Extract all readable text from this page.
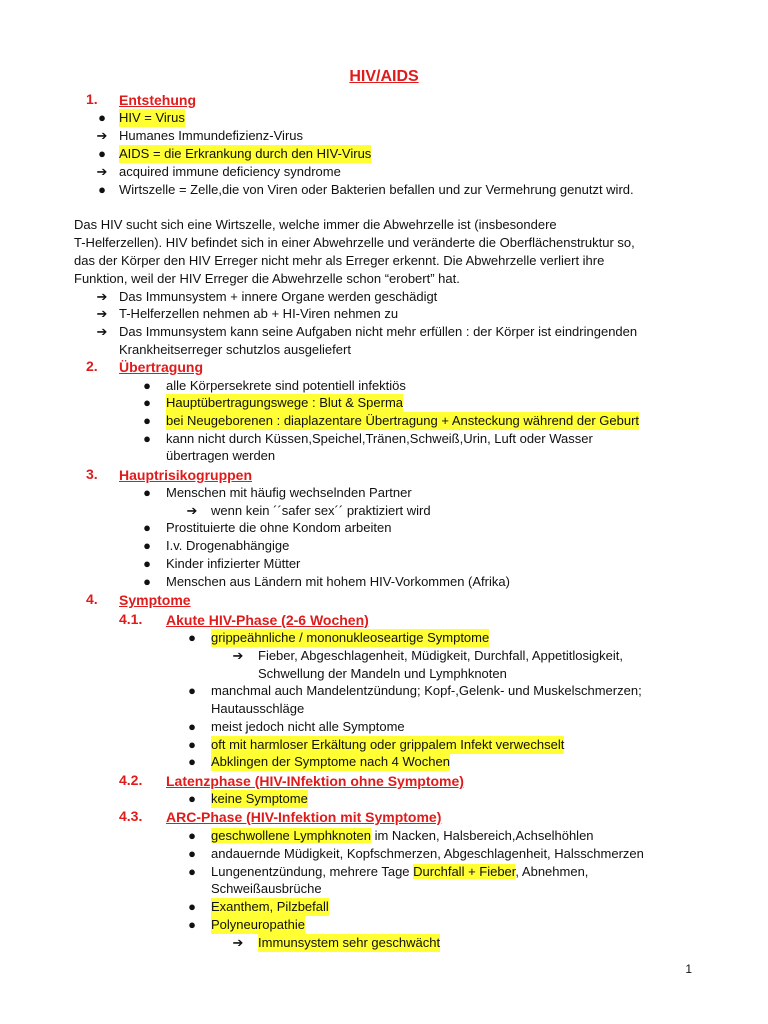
HIV/AIDS
1. Entstehung
● HIV = Virus
➔ Humanes Immundefizienz-Virus
● AIDS = die Erkrankung durch den HIV-Virus
➔ acquired immune deficiency syndrome
● Wirtszelle = Zelle,die von Viren oder Bakterien befallen und zur Vermehrung genutzt wird.
Das HIV sucht sich eine Wirtszelle, welche immer die Abwehrzelle ist (insbesondere
T-Helferzellen). HIV befindet sich in einer Abwehrzelle und veränderte die Oberflächenstruktur so,
das der Körper den HIV Erreger nicht mehr als Erreger erkennt. Die Abwehrzelle verliert ihre
Funktion, weil der HIV Erreger die Abwehrzelle schon “erobert” hat.
➔ Das Immunsystem + innere Organe werden geschädigt
➔ T-Helferzellen nehmen ab + HI-Viren nehmen zu
➔ Das Immunsystem kann seine Aufgaben nicht mehr erfüllen : der Körper ist eindringenden
Krankheitserreger schutzlos ausgeliefert
2. Übertragung
● alle Körpersekrete sind potentiell infektiös
● Hauptübertragungswege : Blut & Sperma
● bei Neugeborenen : diaplazentare Übertragung + Ansteckung während der Geburt
● kann nicht durch Küssen,Speichel,Tränen,Schweiß,Urin, Luft oder Wasser
übertragen werden
3. Hauptrisikogruppen
● Menschen mit häufig wechselnden Partner
➔ wenn kein ´´safer sex´´ praktiziert wird
● Prostituierte die ohne Kondom arbeiten
● I.v. Drogenabhängige
● Kinder infizierter Mütter
● Menschen aus Ländern mit hohem HIV-Vorkommen (Afrika)
4. Symptome
4.1. Akute HIV-Phase (2-6 Wochen)
● grippeähnliche / mononukleoseartige Symptome
➔ Fieber, Abgeschlagenheit, Müdigkeit, Durchfall, Appetitlosigkeit,
Schwellung der Mandeln und Lymphknoten
● manchmal auch Mandelentzündung; Kopf-,Gelenk- und Muskelschmerzen;
Hautausschläge
● meist jedoch nicht alle Symptome
● oft mit harmloser Erkältung oder grippalem Infekt verwechselt
● Abklingen der Symptome nach 4 Wochen
4.2. Latenzphase (HIV-INfektion ohne Symptome)
● keine Symptome
4.3. ARC-Phase (HIV-Infektion mit Symptome)
● geschwollene Lymphknoten im Nacken, Halsbereich,Achselhöhlen
● andauernde Müdigkeit, Kopfschmerzen, Abgeschlagenheit, Halsschmerzen
● Lungenentzündung, mehrere Tage Durchfall + Fieber, Abnehmen,
Schweißausbrüche
● Exanthem, Pilzbefall
● Polyneuropathie
➔ Immunsystem sehr geschwächt
1
